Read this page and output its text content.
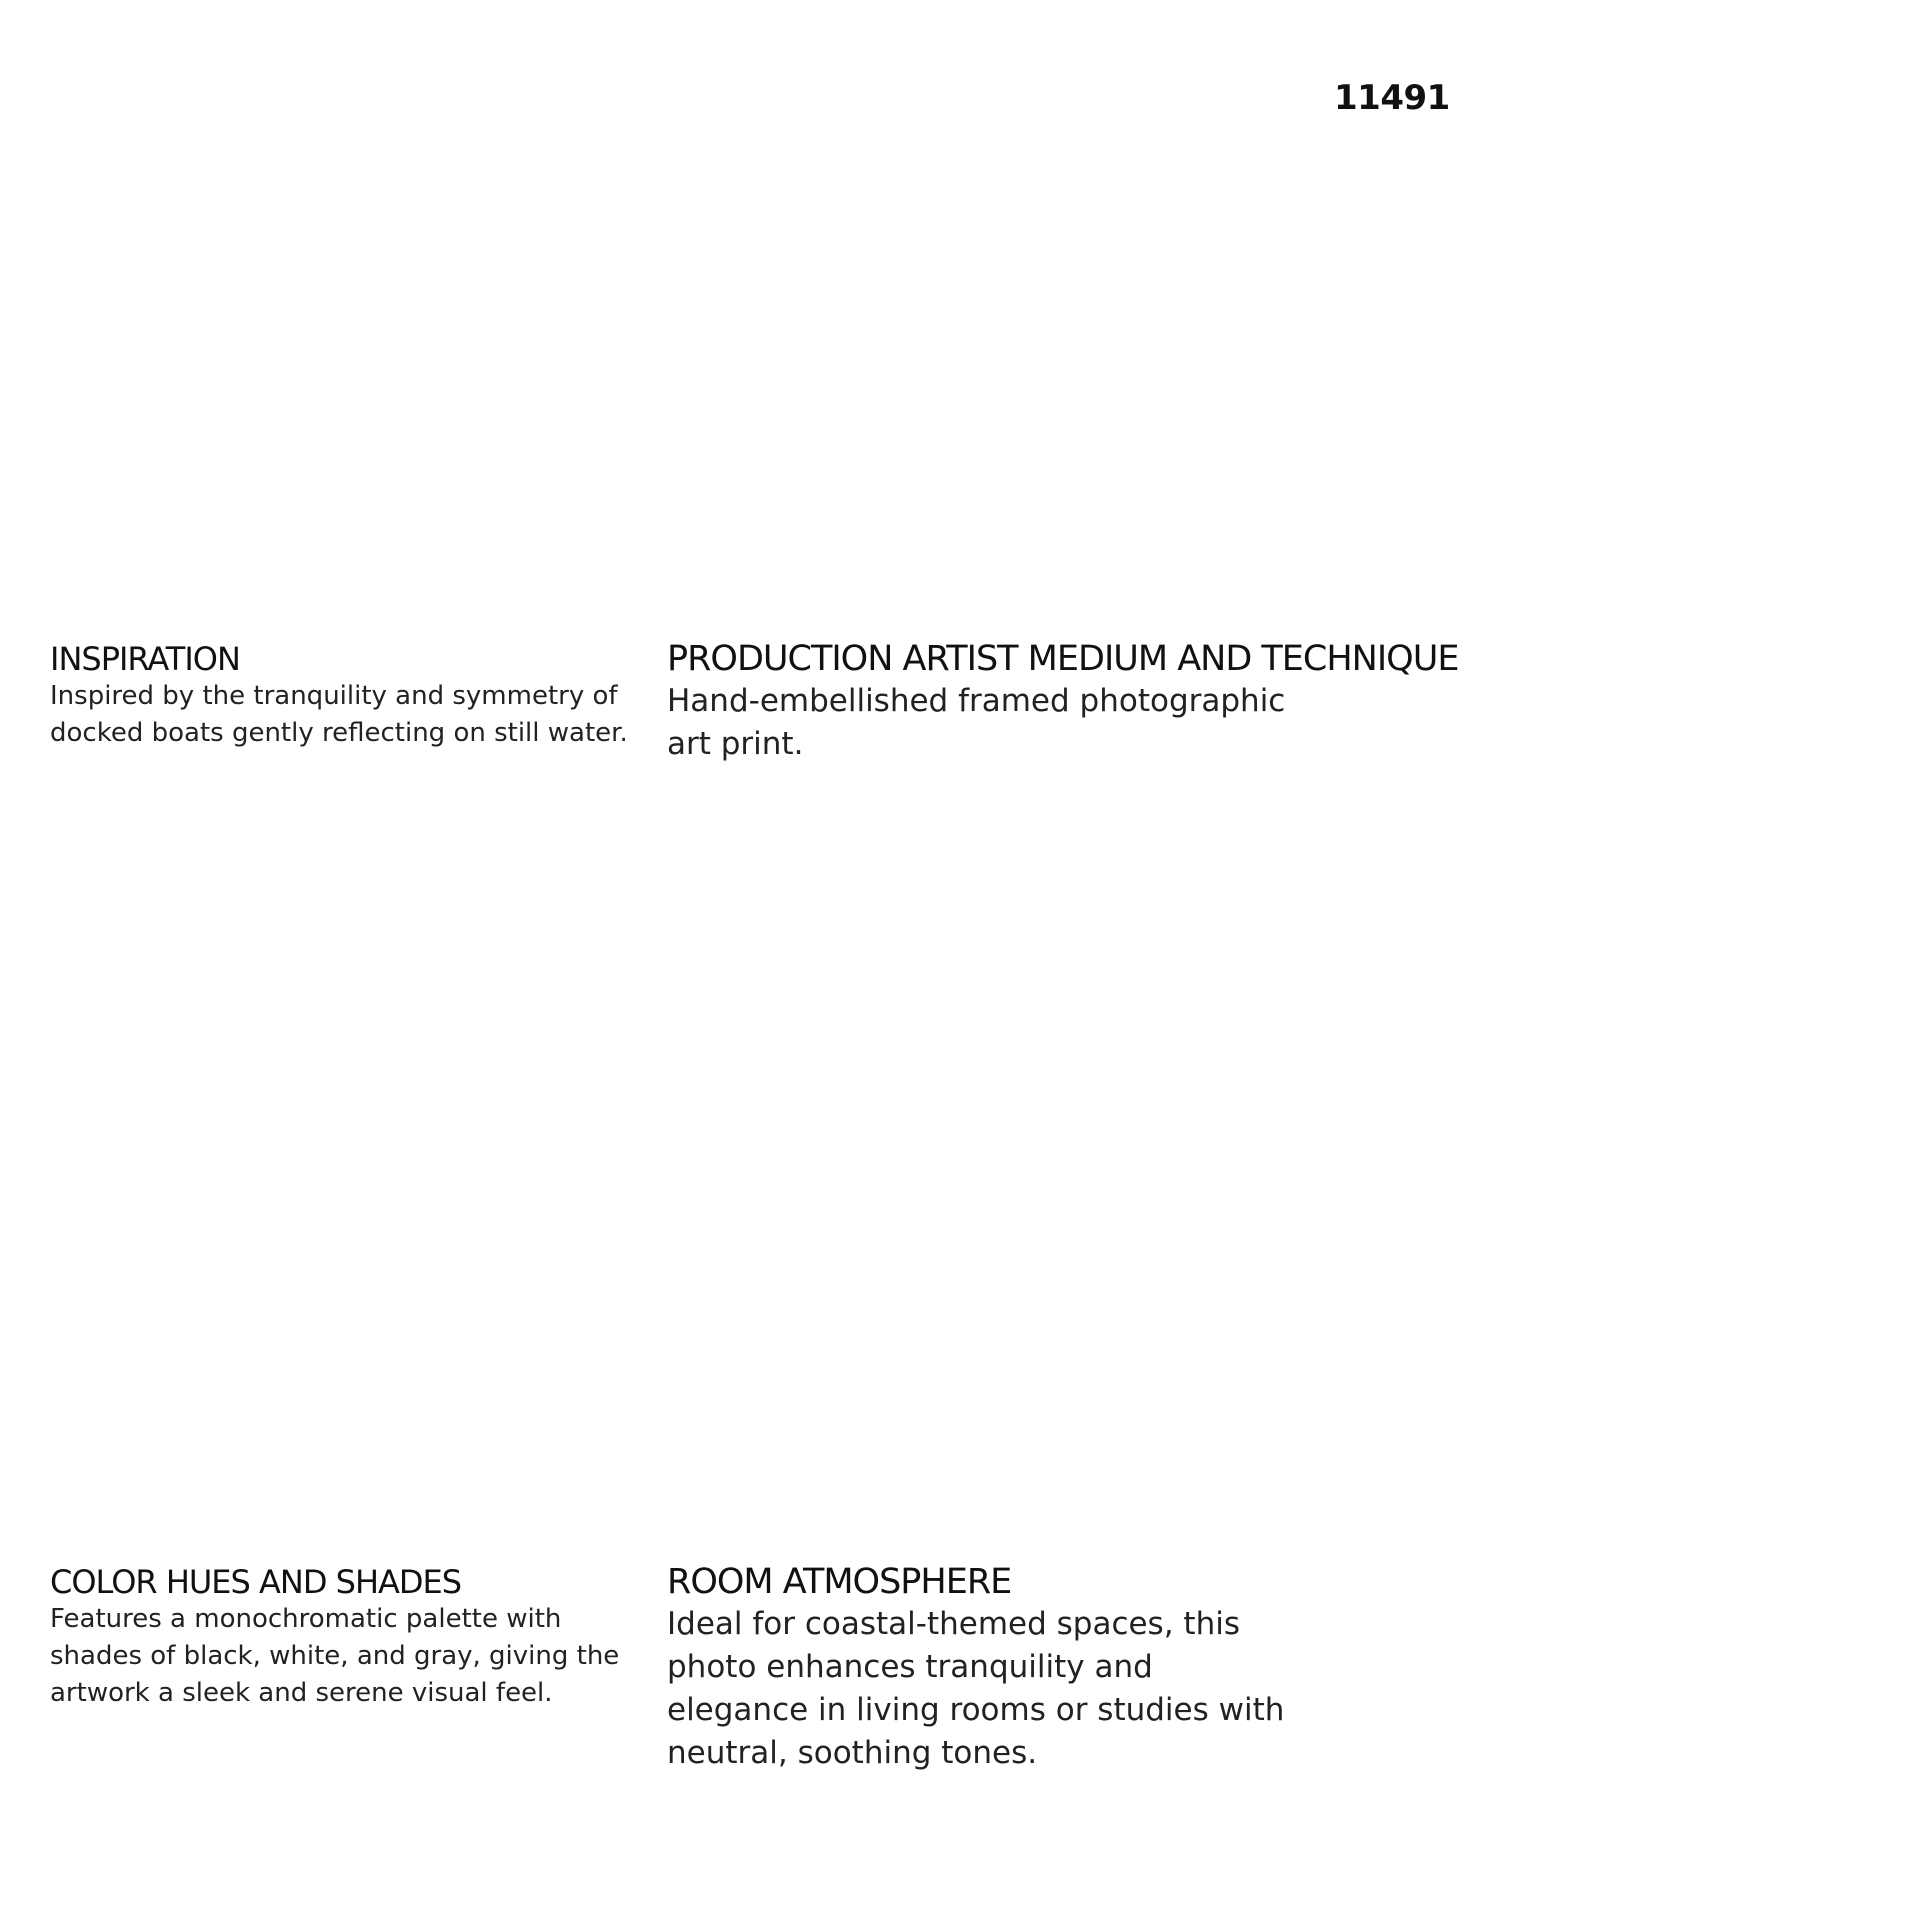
11491
INSPIRATION

Inspired by the tranquility and symmetry of
docked boats gently reflecting on still water.

PRODUCTION ARTIST MEDIUM AND TECHNIQUE

Hand-embellished framed photographic
art print.

COLOR HUES AND SHADES

Features a monochromatic palette with
shades of black, white, and gray, giving the
artwork a sleek and serene visual feel.

ROOM ATMOSPHERE

Ideal for coastal-themed spaces, this
photo enhances tranquility and
elegance in living rooms or studies with
neutral, soothing tones.
